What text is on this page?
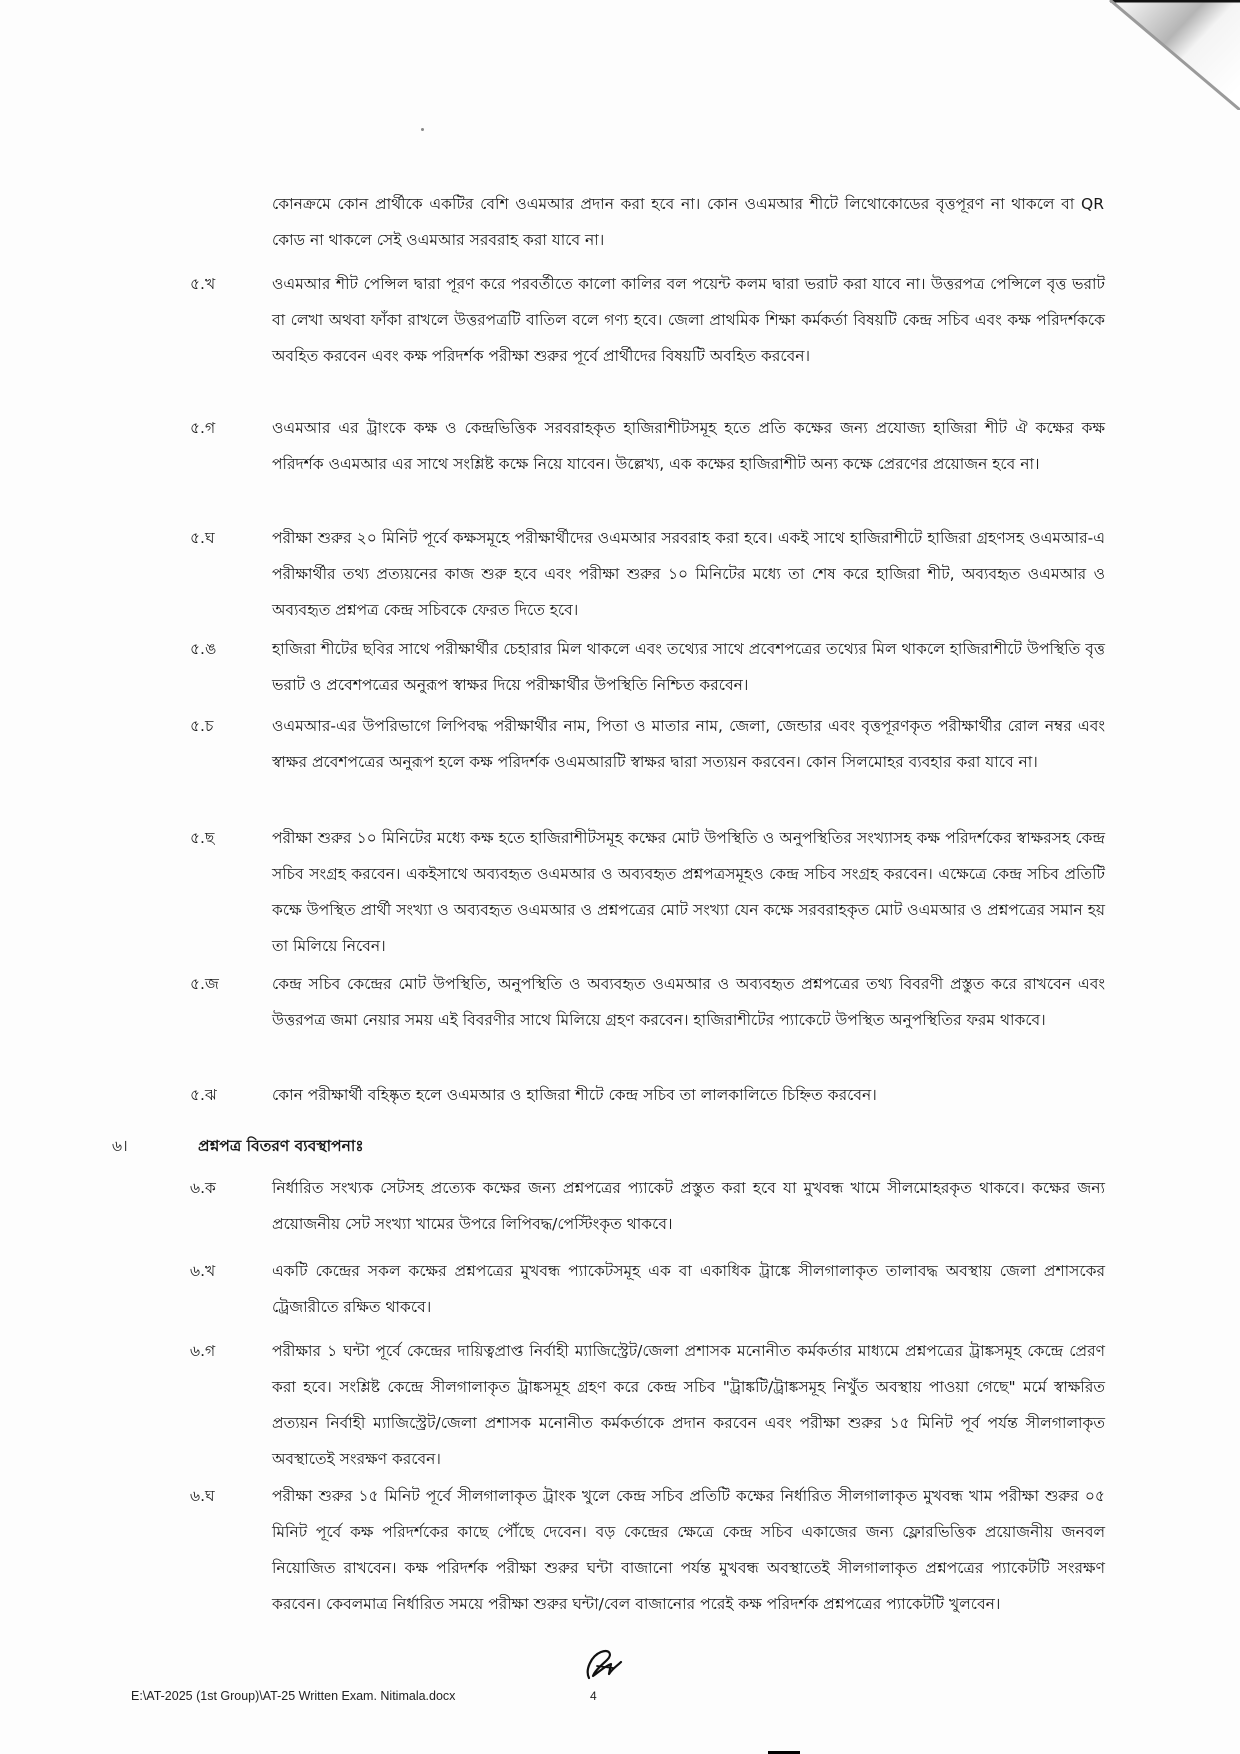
কোনক্রমে কোন প্রার্থীকে একটির বেশি ওএমআর প্রদান করা হবে না। কোন ওএমআর শীটে লিথোকোডের বৃত্তপূরণ না থাকলে বা QR কোড না থাকলে সেই ওএমআর সরবরাহ করা যাবে না।

৫.খ	ওএমআর শীট পেন্সিল দ্বারা পূরণ করে পরবর্তীতে কালো কালির বল পয়েন্ট কলম দ্বারা ভরাট করা যাবে না। উত্তরপত্র পেন্সিলে বৃত্ত ভরাট বা লেখা অথবা ফাঁকা রাখলে উত্তরপত্রটি বাতিল বলে গণ্য হবে। জেলা প্রাথমিক শিক্ষা কর্মকর্তা বিষয়টি কেন্দ্র সচিব এবং কক্ষ পরিদর্শককে অবহিত করবেন এবং কক্ষ পরিদর্শক পরীক্ষা শুরুর পূর্বে প্রার্থীদের বিষয়টি অবহিত করবেন।
৫.গ	ওএমআর এর ট্রাংকে কক্ষ ও কেন্দ্রভিত্তিক সরবরাহকৃত হাজিরাশীটসমূহ হতে প্রতি কক্ষের জন্য প্রযোজ্য হাজিরা শীট ঐ কক্ষের কক্ষ পরিদর্শক ওএমআর এর সাথে সংশ্লিষ্ট কক্ষে নিয়ে যাবেন। উল্লেখ্য, এক কক্ষের হাজিরাশীট অন্য কক্ষে প্রেরণের প্রয়োজন হবে না।
৫.ঘ	পরীক্ষা শুরুর ২০ মিনিট পূর্বে কক্ষসমূহে পরীক্ষার্থীদের ওএমআর সরবরাহ করা হবে। একই সাথে হাজিরাশীটে হাজিরা গ্রহণসহ ওএমআর-এ পরীক্ষার্থীর তথ্য প্রত্যয়নের কাজ শুরু হবে এবং পরীক্ষা শুরুর ১০ মিনিটের মধ্যে তা শেষ করে হাজিরা শীট, অব্যবহৃত ওএমআর ও অব্যবহৃত প্রশ্নপত্র কেন্দ্র সচিবকে ফেরত দিতে হবে।
৫.ঙ	হাজিরা শীটের ছবির সাথে পরীক্ষার্থীর চেহারার মিল থাকলে এবং তথ্যের সাথে প্রবেশপত্রের তথ্যের মিল থাকলে হাজিরাশীটে উপস্থিতি বৃত্ত ভরাট ও প্রবেশপত্রের অনুরূপ স্বাক্ষর দিয়ে পরীক্ষার্থীর উপস্থিতি নিশ্চিত করবেন।
৫.চ	ওএমআর-এর উপরিভাগে লিপিবদ্ধ পরীক্ষার্থীর নাম, পিতা ও মাতার নাম, জেলা, জেন্ডার এবং বৃত্তপূরণকৃত পরীক্ষার্থীর রোল নম্বর এবং স্বাক্ষর প্রবেশপত্রের অনুরূপ হলে কক্ষ পরিদর্শক ওএমআরটি স্বাক্ষর দ্বারা সত্যয়ন করবেন। কোন সিলমোহর ব্যবহার করা যাবে না।
৫.ছ	পরীক্ষা শুরুর ১০ মিনিটের মধ্যে কক্ষ হতে হাজিরাশীটসমূহ কক্ষের মোট উপস্থিতি ও অনুপস্থিতির সংখ্যাসহ কক্ষ পরিদর্শকের স্বাক্ষরসহ কেন্দ্র সচিব সংগ্রহ করবেন। একইসাথে অব্যবহৃত ওএমআর ও অব্যবহৃত প্রশ্নপত্রসমূহও কেন্দ্র সচিব সংগ্রহ করবেন। এক্ষেত্রে কেন্দ্র সচিব প্রতিটি কক্ষে উপস্থিত প্রার্থী সংখ্যা ও অব্যবহৃত ওএমআর ও প্রশ্নপত্রের মোট সংখ্যা যেন কক্ষে সরবরাহকৃত মোট ওএমআর ও প্রশ্নপত্রের সমান হয় তা মিলিয়ে নিবেন।
৫.জ	কেন্দ্র সচিব কেন্দ্রের মোট উপস্থিতি, অনুপস্থিতি ও অব্যবহৃত ওএমআর ও অব্যবহৃত প্রশ্নপত্রের তথ্য বিবরণী প্রস্তুত করে রাখবেন এবং উত্তরপত্র জমা নেয়ার সময় এই বিবরণীর সাথে মিলিয়ে গ্রহণ করবেন। হাজিরাশীটের প্যাকেটে উপস্থিত অনুপস্থিতির ফরম থাকবে।
৫.ঝ	কোন পরীক্ষার্থী বহিষ্কৃত হলে ওএমআর ও হাজিরা শীটে কেন্দ্র সচিব তা লালকালিতে চিহ্নিত করবেন।
৬।	প্রশ্নপত্র বিতরণ ব্যবস্থাপনাঃ
৬.ক	নির্ধারিত সংখ্যক সেটসহ প্রত্যেক কক্ষের জন্য প্রশ্নপত্রের প্যাকেট প্রস্তুত করা হবে যা মুখবন্ধ খামে সীলমোহরকৃত থাকবে। কক্ষের জন্য প্রয়োজনীয় সেট সংখ্যা খামের উপরে লিপিবদ্ধ/পেস্টিংকৃত থাকবে।
৬.খ	একটি কেন্দ্রের সকল কক্ষের প্রশ্নপত্রের মুখবন্ধ প্যাকেটসমূহ এক বা একাধিক ট্রাঙ্কে সীলগালাকৃত তালাবদ্ধ অবস্থায় জেলা প্রশাসকের ট্রেজারীতে রক্ষিত থাকবে।
৬.গ	পরীক্ষার ১ ঘন্টা পূর্বে কেন্দ্রের দায়িত্বপ্রাপ্ত নির্বাহী ম্যাজিস্ট্রেট/জেলা প্রশাসক মনোনীত কর্মকর্তার মাধ্যমে প্রশ্নপত্রের ট্রাঙ্কসমূহ কেন্দ্রে প্রেরণ করা হবে। সংশ্লিষ্ট কেন্দ্রে সীলগালাকৃত ট্রাঙ্কসমূহ গ্রহণ করে কেন্দ্র সচিব "ট্রাঙ্কটি/ট্রাঙ্কসমূহ নিখুঁত অবস্থায় পাওয়া গেছে" মর্মে স্বাক্ষরিত প্রত্যয়ন নির্বাহী ম্যাজিস্ট্রেট/জেলা প্রশাসক মনোনীত কর্মকর্তাকে প্রদান করবেন এবং পরীক্ষা শুরুর ১৫ মিনিট পূর্ব পর্যন্ত সীলগালাকৃত অবস্থাতেই সংরক্ষণ করবেন।
৬.ঘ	পরীক্ষা শুরুর ১৫ মিনিট পূর্বে সীলগালাকৃত ট্রাংক খুলে কেন্দ্র সচিব প্রতিটি কক্ষের নির্ধারিত সীলগালাকৃত মুখবন্ধ খাম পরীক্ষা শুরুর ০৫ মিনিট পূর্বে কক্ষ পরিদর্শকের কাছে পৌঁছে দেবেন। বড় কেন্দ্রের ক্ষেত্রে কেন্দ্র সচিব একাজের জন্য ফ্লোরভিত্তিক প্রয়োজনীয় জনবল নিয়োজিত রাখবেন। কক্ষ পরিদর্শক পরীক্ষা শুরুর ঘন্টা বাজানো পর্যন্ত মুখবন্ধ অবস্থাতেই সীলগালাকৃত প্রশ্নপত্রের প্যাকেটটি সংরক্ষণ করবেন। কেবলমাত্র নির্ধারিত সময়ে পরীক্ষা শুরুর ঘন্টা/বেল বাজানোর পরেই কক্ষ পরিদর্শক প্রশ্নপত্রের প্যাকেটটি খুলবেন।
E:\AT-2025 (1st Group)\AT-25 Written Exam. Nitimala.docx	4
